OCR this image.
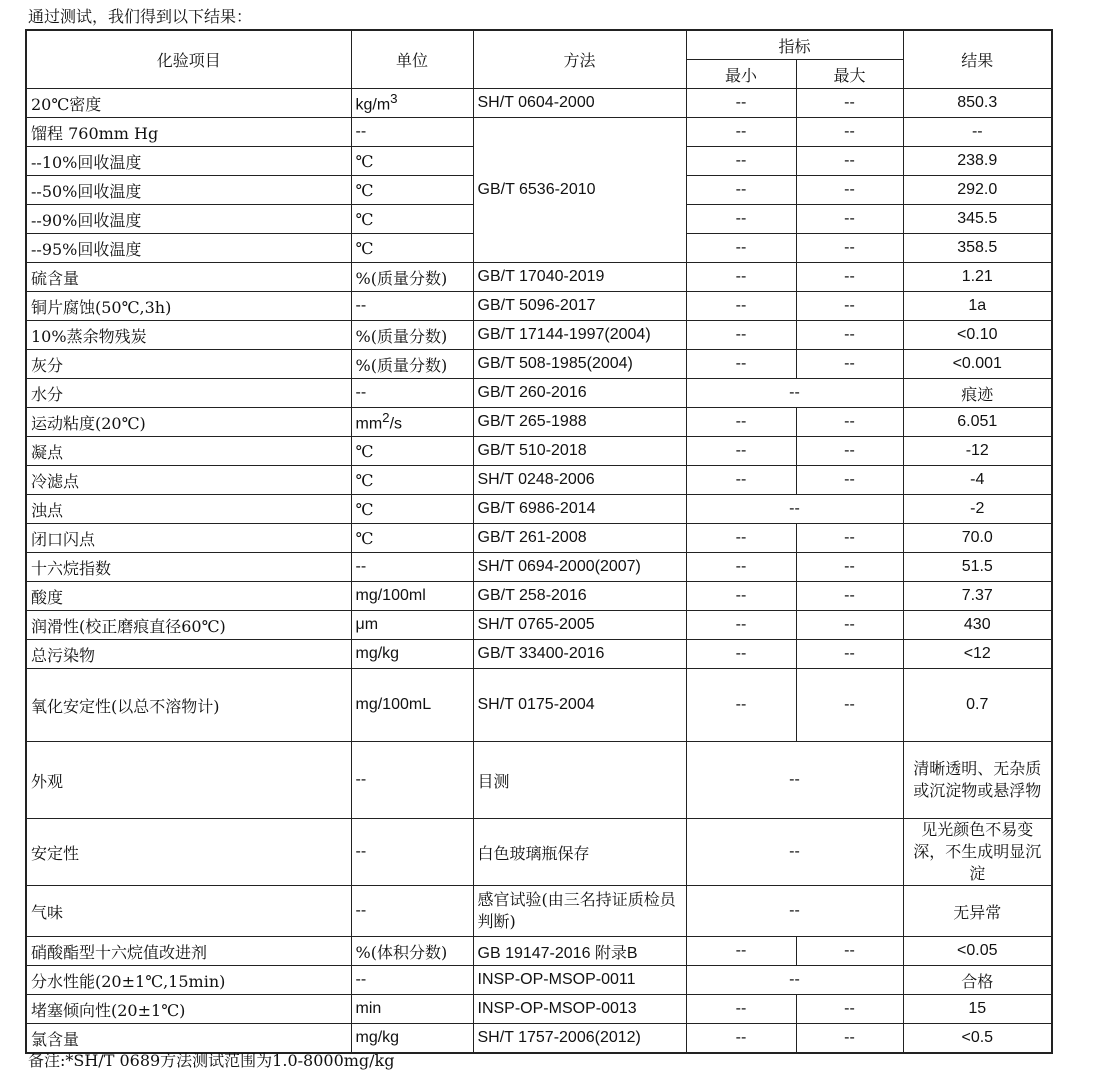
通过测试，我们得到以下结果：
化验项目	单位	方法	指标		结果
			最小	最大	
20℃密度	$kg/m^3$	SH/T 0604-2000	--	--	850.3
馏程 760mm Hg	--	GB/T 6536-2010	--	--	--
--10%回收温度	℃		--	--	238.9
--50%回收温度	℃		--	--	292.0
--90%回收温度	℃		--	--	345.5
--95%回收温度	℃		--	--	358.5
硫含量	%(质量分数)	GB/T 17040-2019	--	--	1.21
铜片腐蚀(50℃,3h)	--	GB/T 5096-2017	--	--	1a
10%蒸余物残炭	%(质量分数)	GB/T 17144-1997(2004)	--	--	<0.10
灰分	%(质量分数)	GB/T 508-1985(2004)	--	--	<0.001
水分	--	GB/T 260-2016	--		痕迹
运动粘度(20℃)	$mm^2/s$	GB/T 265-1988	--	--	6.051
凝点	℃	GB/T 510-2018	--	--	-12
冷滤点	℃	SH/T 0248-2006	--	--	-4
浊点	℃	GB/T 6986-2014	--		-2
闭口闪点	℃	GB/T 261-2008	--	--	70.0
十六烷指数	--	SH/T 0694-2000(2007)	--	--	51.5
酸度	mg/100ml	GB/T 258-2016	--	--	7.37
润滑性(校正磨痕直径60℃)	μm	SH/T 0765-2005	--	--	430
总污染物	mg/kg	GB/T 33400-2016	--	--	<12
氧化安定性(以总不溶物计)	mg/100mL	SH/T 0175-2004	--	--	0.7
外观	--	目测	--		清晰透明、无杂质或沉淀物或悬浮物
安定性	--	白色玻璃瓶保存	--		见光颜色不易变深，不生成明显沉淀
气味	--	感官试验(由三名持证质检员判断)	--		无异常
硝酸酯型十六烷值改进剂	%(体积分数)	GB 19147-2016 附录B	--	--	<0.05
分水性能(20±1℃,15min)	--	INSP-OP-MSOP-0011	--		合格
堵塞倾向性(20±1℃)	min	INSP-OP-MSOP-0013	--	--	15
氯含量	mg/kg	SH/T 1757-2006(2012)	--	--	<0.5
备注:*SH/T 0689方法测试范围为1.0-8000mg/kg
